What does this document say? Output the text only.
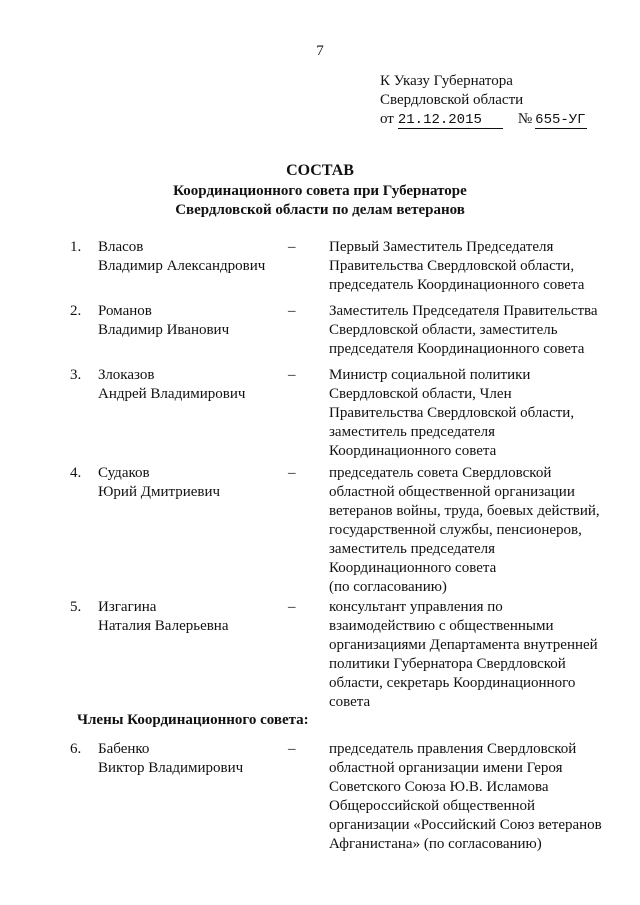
7
К Указу Губернатора
Свердловской области
от 21.12.2015	№ 655-УГ
СОСТАВ
Координационного совета при Губернаторе
Свердловской области по делам ветеранов
1. Власов
Владимир Александрович
– Первый Заместитель Председателя
Правительства Свердловской области,
председатель Координационного совета
2. Романов
Владимир Иванович
– Заместитель Председателя Правительства
Свердловской области, заместитель
председателя Координационного совета
3. Злоказов
Андрей Владимирович
– Министр социальной политики
Свердловской области, Член
Правительства Свердловской области,
заместитель председателя
Координационного совета
4. Судаков
Юрий Дмитриевич
– председатель совета Свердловской
областной общественной организации
ветеранов войны, труда, боевых действий,
государственной службы, пенсионеров,
заместитель председателя
Координационного совета
(по согласованию)
5. Изгагина
Наталия Валерьевна
– консультант управления по
взаимодействию с общественными
организациями Департамента внутренней
политики Губернатора Свердловской
области, секретарь Координационного
совета
Члены Координационного совета:
6. Бабенко
Виктор Владимирович
– председатель правления Свердловской
областной организации имени Героя
Советского Союза Ю.В. Исламова
Общероссийской общественной
организации «Российский Союз ветеранов
Афганистана» (по согласованию)
